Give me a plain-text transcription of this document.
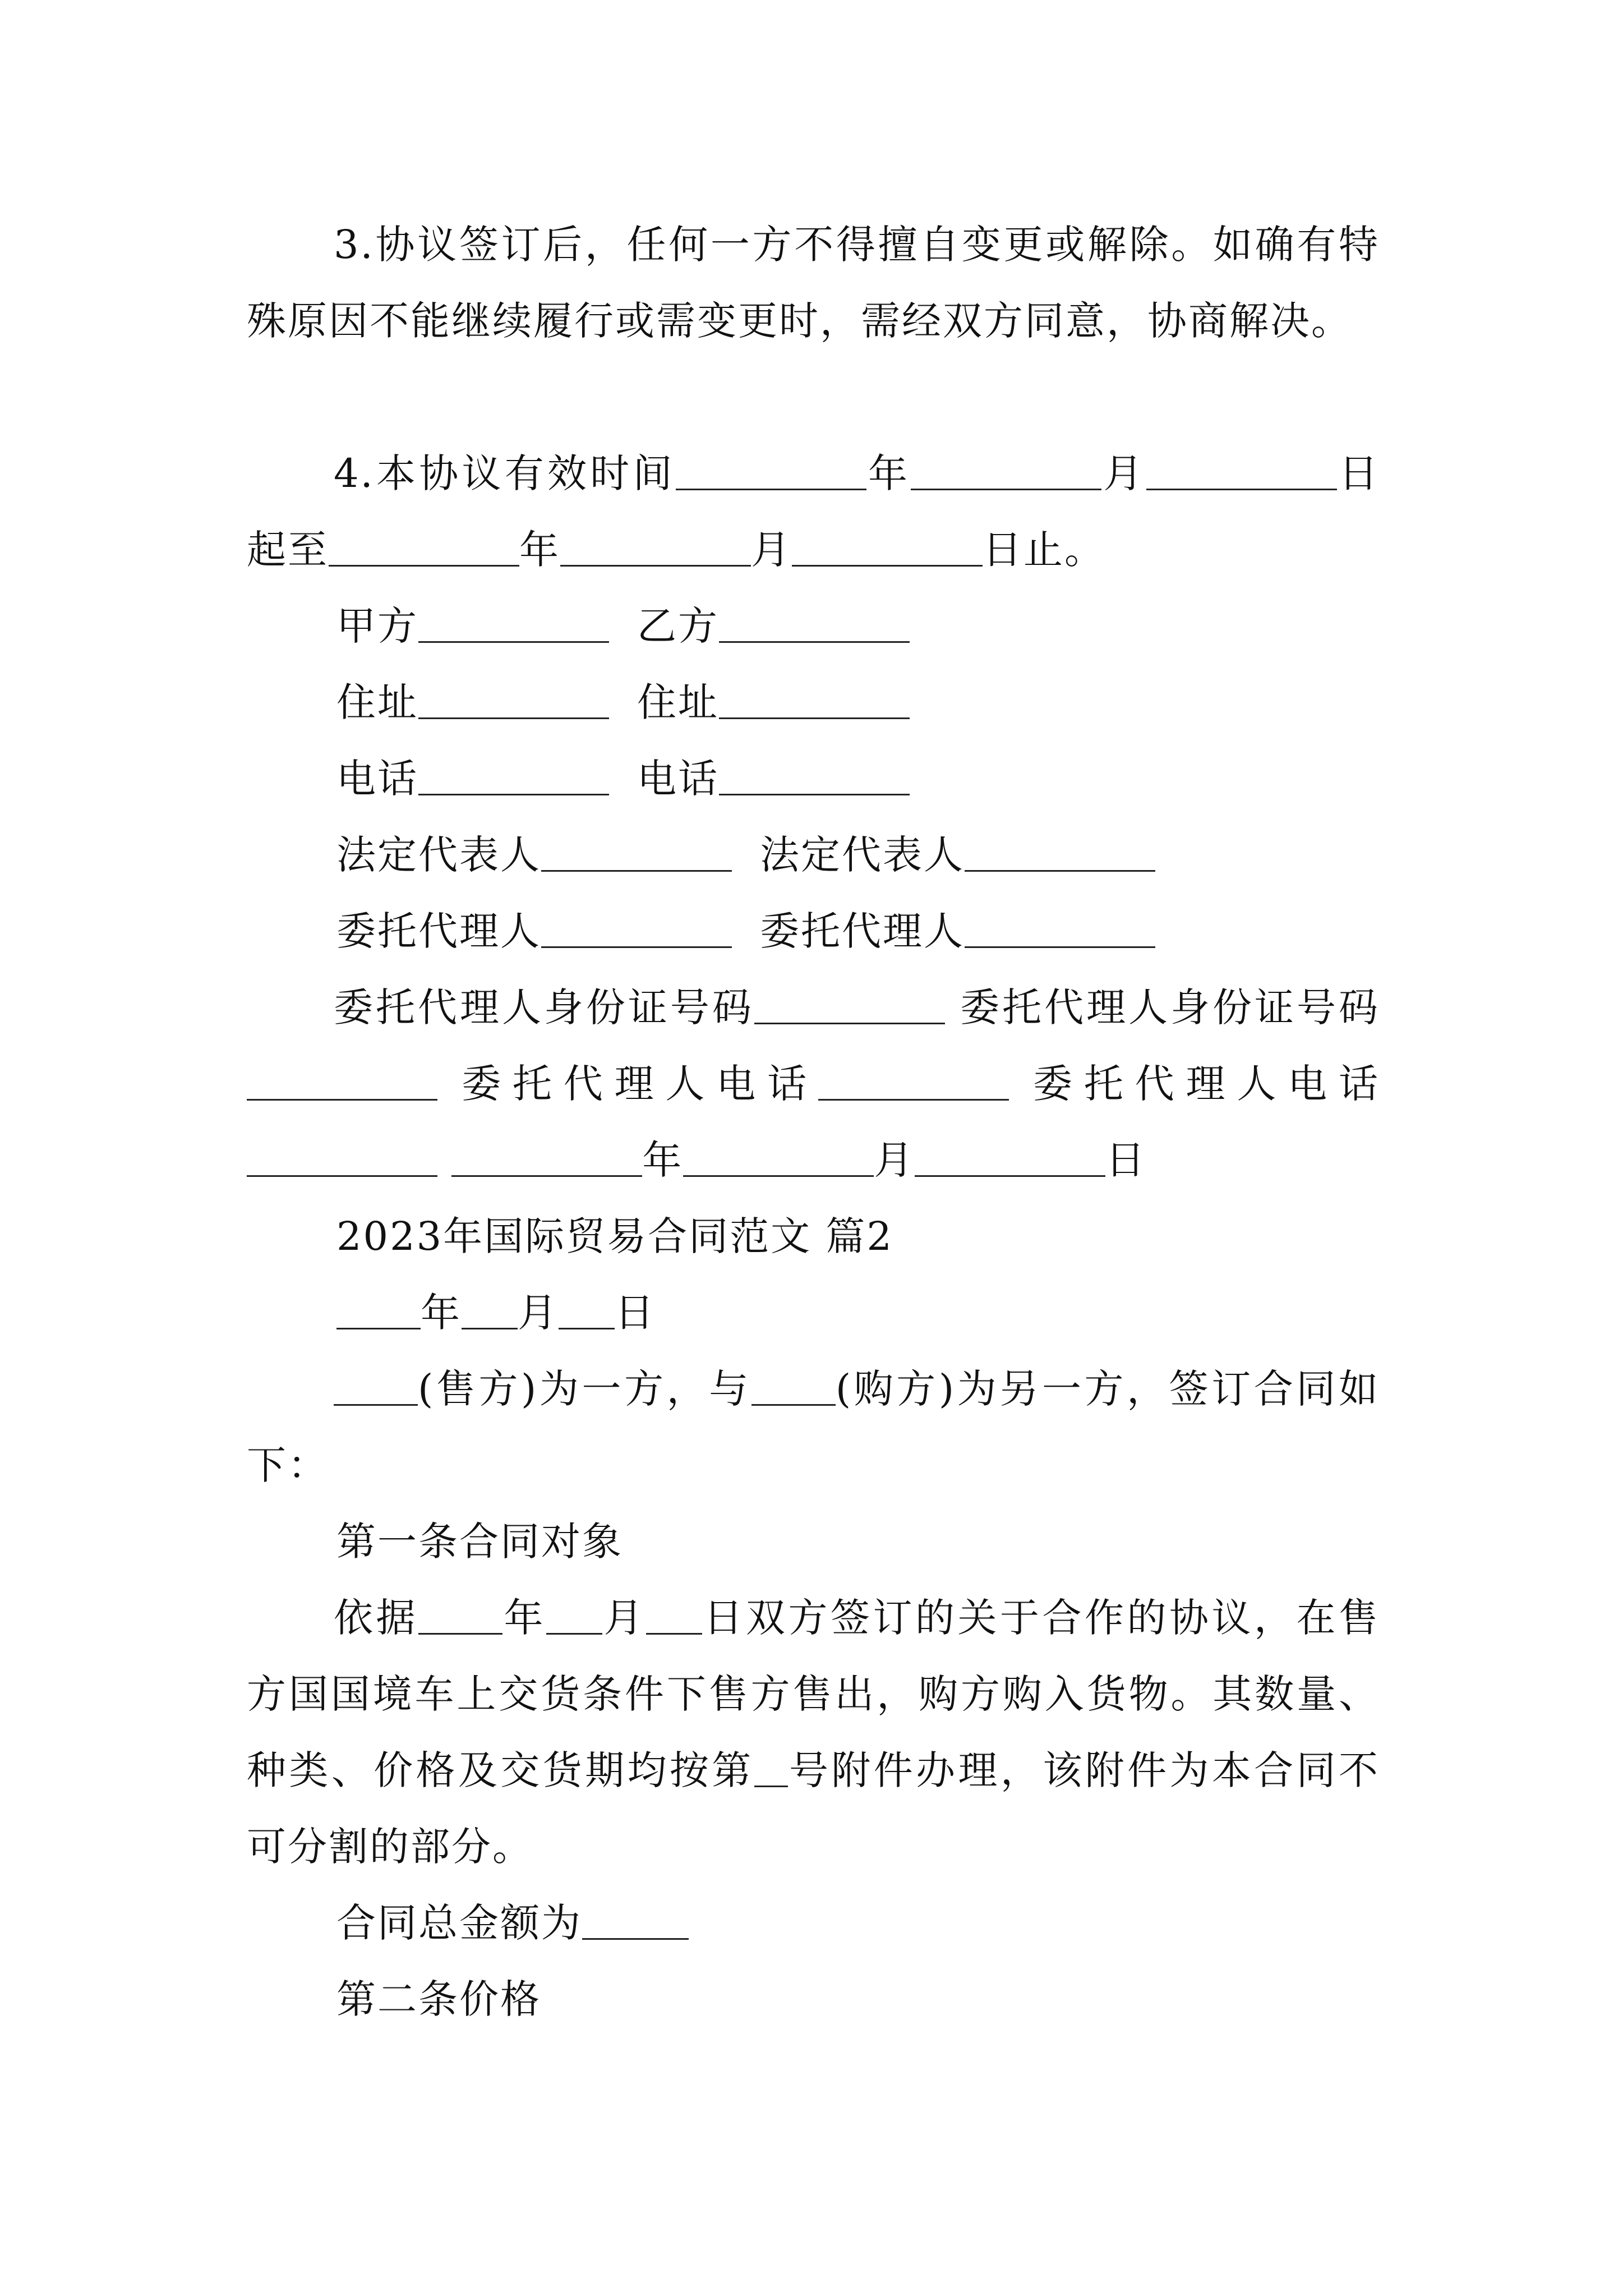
3.协议签订后，任何一方不得擅自变更或解除。如确有特殊原因不能继续履行或需变更时，需经双方同意，协商解决。
4.本协议有效时间	年	月	日起至	年	月	日止。
甲方	乙方
住址	住址
电话	电话
法定代表人	法定代表人
委托代理人	委托代理人
委托代理人身份证号码	委托代理人身份证号码 委托代理人电话	委托代理人电话 年	月	日
2023年国际贸易合同范文 篇2
年 月 日
(售方)为一方，与 (购方)为另一方，签订合同如下：
第一条合同对象
依据 年 月 日双方签订的关于合作的协议，在售方国国境车上交货条件下售方售出，购方购入货物。其数量、种类、价格及交货期均按第 号附件办理，该附件为本合同不可分割的部分。
合同总金额为
第二条价格
